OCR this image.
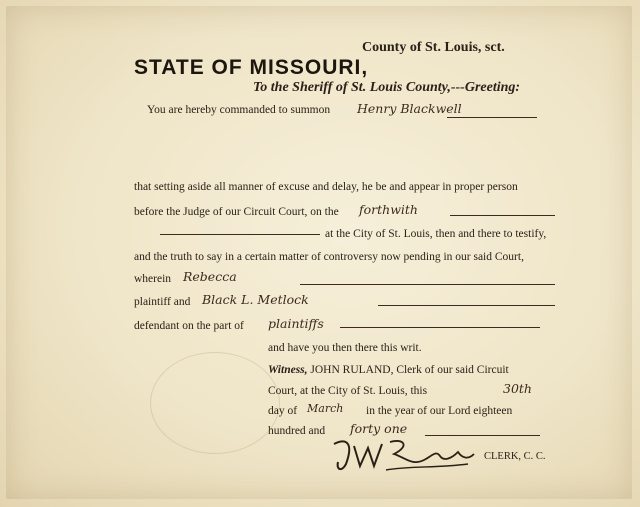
County of St. Louis, sct.
STATE OF MISSOURI,
To the Sheriff of St. Louis County,---Greeting:
You are hereby commanded to summon Henry Blackwell
that setting aside all manner of excuse and delay, he be and appear in proper person
before the Judge of our Circuit Court, on the forthwith
at the City of St. Louis, then and there to testify,
and the truth to say in a certain matter of controversy now pending in our said Court,
wherein Rebecca
plaintiff and Black L. Metlock
defendant on the part of plaintiffs
and have you then there this writ.
Witness, JOHN RULAND, Clerk of our said Circuit
Court, at the City of St. Louis, this	30th
day of March in the year of our Lord eighteen
hundred and forty one
CLERK, C. C.
